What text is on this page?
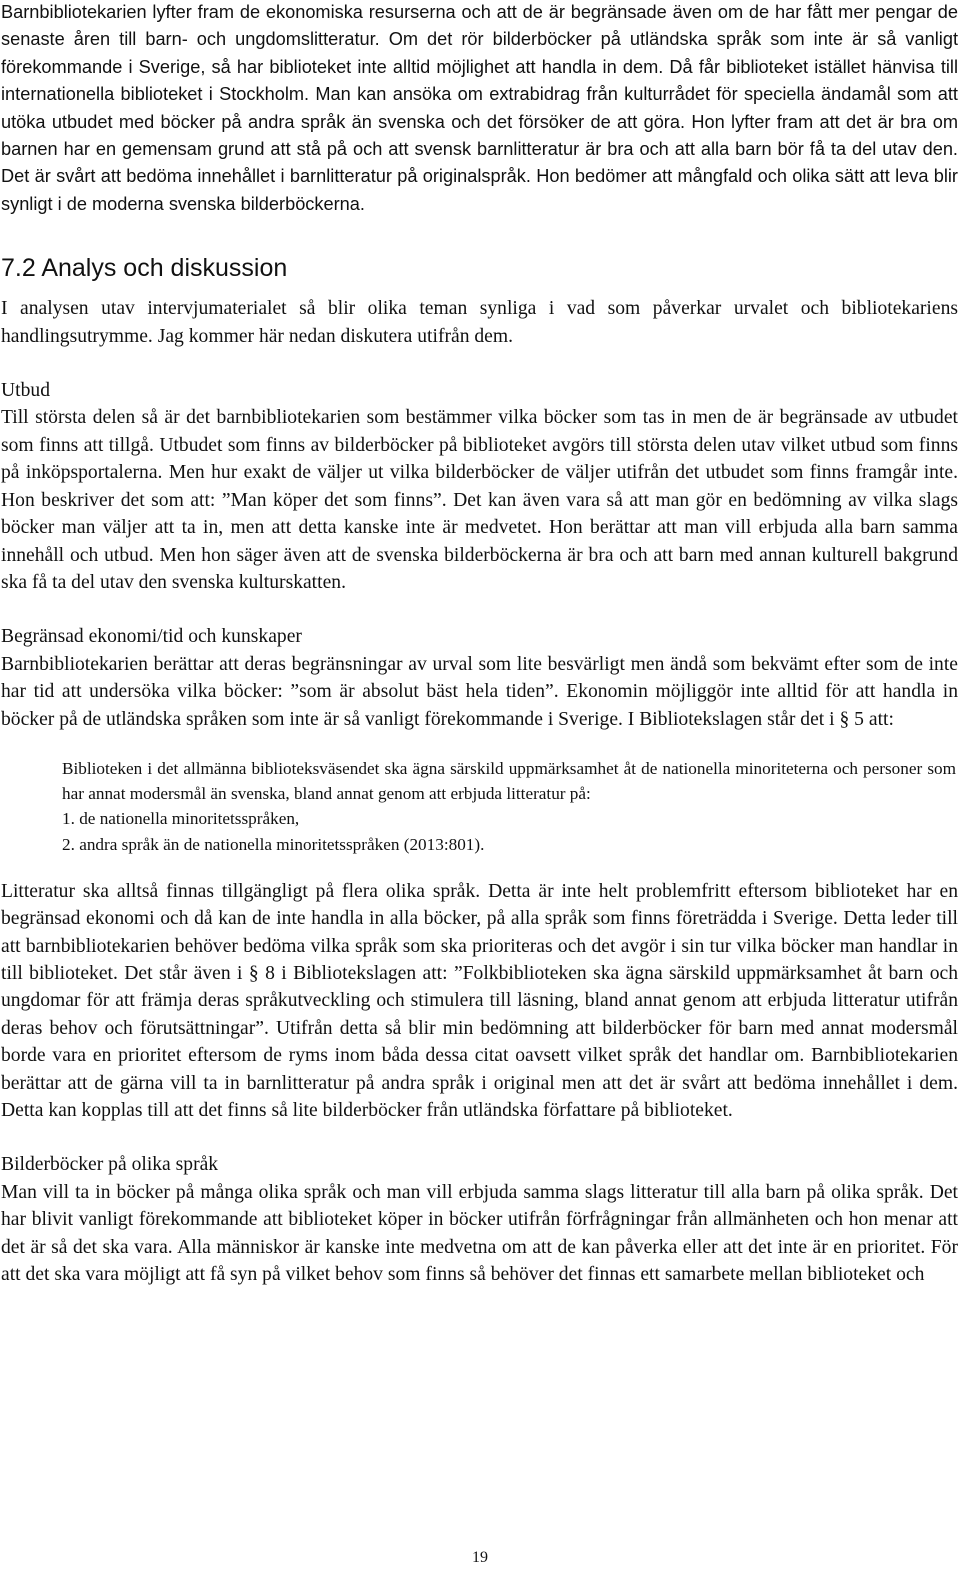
Barnbibliotekarien lyfter fram de ekonomiska resurserna och att de är begränsade även om de har fått mer pengar de senaste åren till barn- och ungdomslitteratur. Om det rör bilderböcker på utländska språk som inte är så vanligt förekommande i Sverige, så har biblioteket inte alltid möjlighet att handla in dem. Då får biblioteket istället hänvisa till internationella biblioteket i Stockholm. Man kan ansöka om extrabidrag från kulturrådet för speciella ändamål som att utöka utbudet med böcker på andra språk än svenska och det försöker de att göra. Hon lyfter fram att det är bra om barnen har en gemensam grund att stå på och att svensk barnlitteratur är bra och att alla barn bör få ta del utav den. Det är svårt att bedöma innehållet i barnlitteratur på originalspråk. Hon bedömer att mångfald och olika sätt att leva blir synligt i de moderna svenska bilderböckerna.

7.2 Analys och diskussion

I analysen utav intervjumaterialet så blir olika teman synliga i vad som påverkar urvalet och bibliotekariens handlingsutrymme. Jag kommer här nedan diskutera utifrån dem.

Utbud

Till största delen så är det barnbibliotekarien som bestämmer vilka böcker som tas in men de är begränsade av utbudet som finns att tillgå. Utbudet som finns av bilderböcker på biblioteket avgörs till största delen utav vilket utbud som finns på inköpsportalerna. Men hur exakt de väljer ut vilka bilderböcker de väljer utifrån det utbudet som finns framgår inte. Hon beskriver det som att: ”Man köper det som finns”. Det kan även vara så att man gör en bedömning av vilka slags böcker man väljer att ta in, men att detta kanske inte är medvetet. Hon berättar att man vill erbjuda alla barn samma innehåll och utbud. Men hon säger även att de svenska bilderböckerna är bra och att barn med annan kulturell bakgrund ska få ta del utav den svenska kulturskatten.

Begränsad ekonomi/tid och kunskaper

Barnbibliotekarien berättar att deras begränsningar av urval som lite besvärligt men ändå som bekvämt efter som de inte har tid att undersöka vilka böcker: ”som är absolut bäst hela tiden”. Ekonomin möjliggör inte alltid för att handla in böcker på de utländska språken som inte är så vanligt förekommande i Sverige. I Bibliotekslagen står det i § 5 att:

Biblioteken i det allmänna biblioteksväsendet ska ägna särskild uppmärksamhet åt de nationella minoriteterna och personer som har annat modersmål än svenska, bland annat genom att erbjuda litteratur på:

1. de nationella minoritetsspråken,
2. andra språk än de nationella minoritetsspråken (2013:801).

Litteratur ska alltså finnas tillgängligt på flera olika språk. Detta är inte helt problemfritt eftersom biblioteket har en begränsad ekonomi och då kan de inte handla in alla böcker, på alla språk som finns företrädda i Sverige. Detta leder till att barnbibliotekarien behöver bedöma vilka språk som ska prioriteras och det avgör i sin tur vilka böcker man handlar in till biblioteket. Det står även i § 8 i Bibliotekslagen att: ”Folkbiblioteken ska ägna särskild uppmärksamhet åt barn och ungdomar för att främja deras språkutveckling och stimulera till läsning, bland annat genom att erbjuda litteratur utifrån deras behov och förutsättningar”. Utifrån detta så blir min bedömning att bilderböcker för barn med annat modersmål borde vara en prioritet eftersom de ryms inom båda dessa citat oavsett vilket språk det handlar om. Barnbibliotekarien berättar att de gärna vill ta in barnlitteratur på andra språk i original men att det är svårt att bedöma innehållet i dem. Detta kan kopplas till att det finns så lite bilderböcker från utländska författare på biblioteket.

Bilderböcker på olika språk

Man vill ta in böcker på många olika språk och man vill erbjuda samma slags litteratur till alla barn på olika språk. Det har blivit vanligt förekommande att biblioteket köper in böcker utifrån förfrågningar från allmänheten och hon menar att det är så det ska vara. Alla människor är kanske inte medvetna om att de kan påverka eller att det inte är en prioritet. För att det ska vara möjligt att få syn på vilket behov som finns så behöver det finnas ett samarbete mellan biblioteket och

19
